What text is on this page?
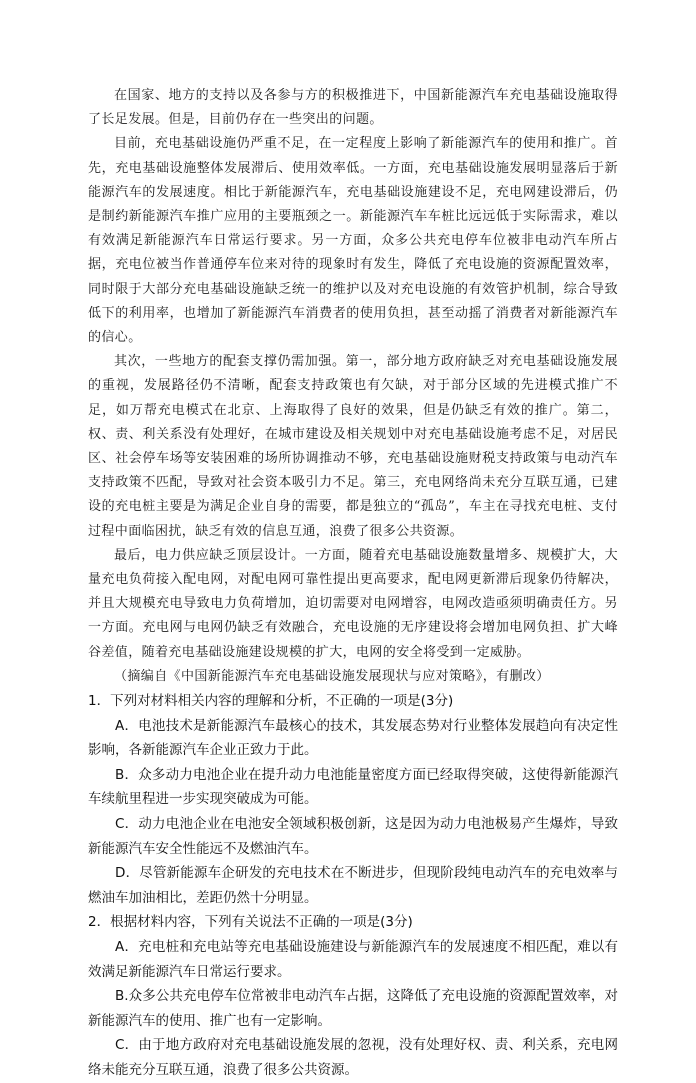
在国家、地方的支持以及各参与方的积极推进下，中国新能源汽车充电基础设施取得了长足发展。但是，目前仍存在一些突出的问题。

目前，充电基础设施仍严重不足，在一定程度上影响了新能源汽车的使用和推广。首先，充电基础设施整体发展滞后、使用效率低。一方面，充电基础设施发展明显落后于新能源汽车的发展速度。相比于新能源汽车，充电基础设施建设不足，充电网建设滞后，仍是制约新能源汽车推广应用的主要瓶颈之一。新能源汽车车桩比远远低于实际需求，难以有效满足新能源汽车日常运行要求。另一方面，众多公共充电停车位被非电动汽车所占据，充电位被当作普通停车位来对待的现象时有发生，降低了充电设施的资源配置效率，同时限于大部分充电基础设施缺乏统一的维护以及对充电设施的有效管护机制，综合导致低下的利用率，也增加了新能源汽车消费者的使用负担，甚至动摇了消费者对新能源汽车的信心。

其次，一些地方的配套支撑仍需加强。第一，部分地方政府缺乏对充电基础设施发展的重视，发展路径仍不清晰，配套支持政策也有欠缺，对于部分区域的先进模式推广不足，如万帮充电模式在北京、上海取得了良好的效果，但是仍缺乏有效的推广。第二，权、责、利关系没有处理好，在城市建设及相关规划中对充电基础设施考虑不足，对居民区、社会停车场等安装困难的场所协调推动不够，充电基础设施财税支持政策与电动汽车支持政策不匹配，导致对社会资本吸引力不足。第三，充电网络尚未充分互联互通，已建设的充电桩主要是为满足企业自身的需要，都是独立的“孤岛”，车主在寻找充电桩、支付过程中面临困扰，缺乏有效的信息互通，浪费了很多公共资源。

最后，电力供应缺乏顶层设计。一方面，随着充电基础设施数量增多、规模扩大，大量充电负荷接入配电网，对配电网可靠性提出更高要求，配电网更新滞后现象仍待解决，并且大规模充电导致电力负荷增加，迫切需要对电网增容，电网改造亟须明确责任方。另一方面。充电网与电网仍缺乏有效融合，充电设施的无序建设将会增加电网负担、扩大峰谷差值，随着充电基础设施建设规模的扩大，电网的安全将受到一定威胁。

（摘编自《中国新能源汽车充电基础设施发展现状与应对策略》，有删改）

1．下列对材料相关内容的理解和分析，不正确的一项是(3分)

A．电池技术是新能源汽车最核心的技术，其发展态势对行业整体发展趋向有决定性影响，各新能源汽车企业正致力于此。

B．众多动力电池企业在提升动力电池能量密度方面已经取得突破，这使得新能源汽车续航里程进一步实现突破成为可能。

C．动力电池企业在电池安全领域积极创新，这是因为动力电池极易产生爆炸，导致新能源汽车安全性能远不及燃油汽车。

D．尽管新能源车企研发的充电技术在不断进步，但现阶段纯电动汽车的充电效率与燃油车加油相比，差距仍然十分明显。

2．根据材料内容，下列有关说法不正确的一项是(3分)

A．充电桩和充电站等充电基础设施建设与新能源汽车的发展速度不相匹配，难以有效满足新能源汽车日常运行要求。

B.众多公共充电停车位常被非电动汽车占据，这降低了充电设施的资源配置效率，对新能源汽车的使用、推广也有一定影响。

C．由于地方政府对充电基础设施发展的忽视，没有处理好权、责、利关系，充电网络未能充分互联互通，浪费了很多公共资源。
